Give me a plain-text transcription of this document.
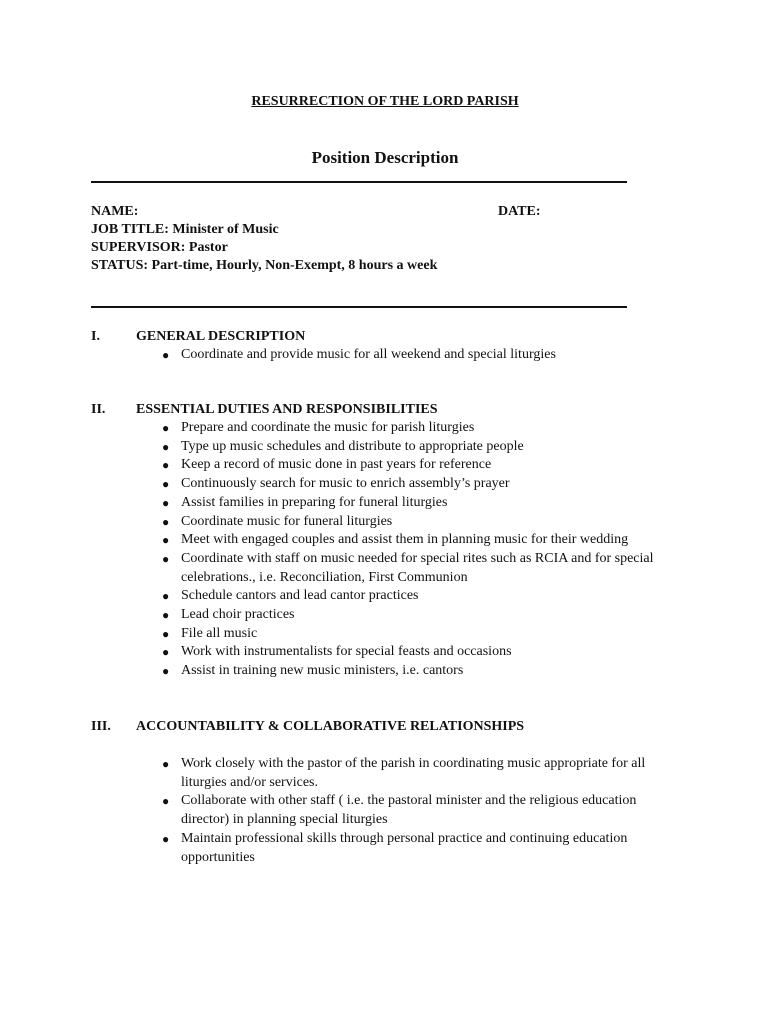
RESURRECTION OF THE LORD PARISH
Position Description
NAME:
JOB TITLE: Minister of Music
SUPERVISOR: Pastor
STATUS: Part-time, Hourly, Non-Exempt, 8 hours a week
DATE:
I.	GENERAL DESCRIPTION
● Coordinate and provide music for all weekend and special liturgies
II. ESSENTIAL DUTIES AND RESPONSIBILITIES
● Prepare and coordinate the music for parish liturgies
● Type up music schedules and distribute to appropriate people
● Keep a record of music done in past years for reference
● Continuously search for music to enrich assembly’s prayer
● Assist families in preparing for funeral liturgies
● Coordinate music for funeral liturgies
● Meet with engaged couples and assist them in planning music for their wedding
● Coordinate with staff on music needed for special rites such as RCIA and for special celebrations., i.e. Reconciliation, First Communion
● Schedule cantors and lead cantor practices
● Lead choir practices
● File all music
● Work with instrumentalists for special feasts and occasions
● Assist in training new music ministers, i.e. cantors
III. ACCOUNTABILITY & COLLABORATIVE RELATIONSHIPS
● Work closely with the pastor of the parish in coordinating music appropriate for all liturgies and/or services.
● Collaborate with other staff ( i.e. the pastoral minister and the religious education director) in planning special liturgies
● Maintain professional skills through personal practice and continuing education opportunities
